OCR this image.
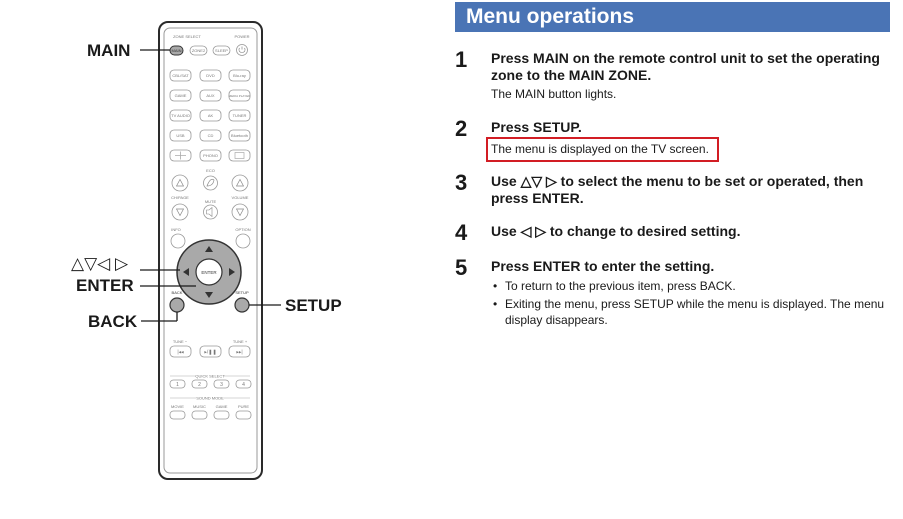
ZONE SELECT	POWER
MAIN	ZONE2 SLEEP
CBL/SAT	DVD	Blu-ray
GAME	AUX	MEDIA PLAYER
TV AUDIO	AK	TUNER
USB	CD	Bluetooth
PHONO
ECO
CH/PAGE
MUTE
VOLUME
INFO	OPTION
ENTER
BACK	SETUP
TUNE −	TUNE +
|◂◂	▸/❚❚	▸▸|
QUICK SELECT
1	2	3	4
SOUND MODE
MOVIE MUSIC GAME	PURE
MAIN
△▽◁ ▷
ENTER
BACK
SETUP
Menu operations
1 Press MAIN on the remote control unit to set the operating zone to the MAIN ZONE.
The MAIN button lights.
2 Press SETUP.
The menu is displayed on the TV screen.
3 Use △▽ ▷ to select the menu to be set or operated, then press ENTER.
4 Use ◁ ▷ to change to desired setting.
5 Press ENTER to enter the setting.
• To return to the previous item, press BACK.
• Exiting the menu, press SETUP while the menu is displayed. The menu display disappears.
